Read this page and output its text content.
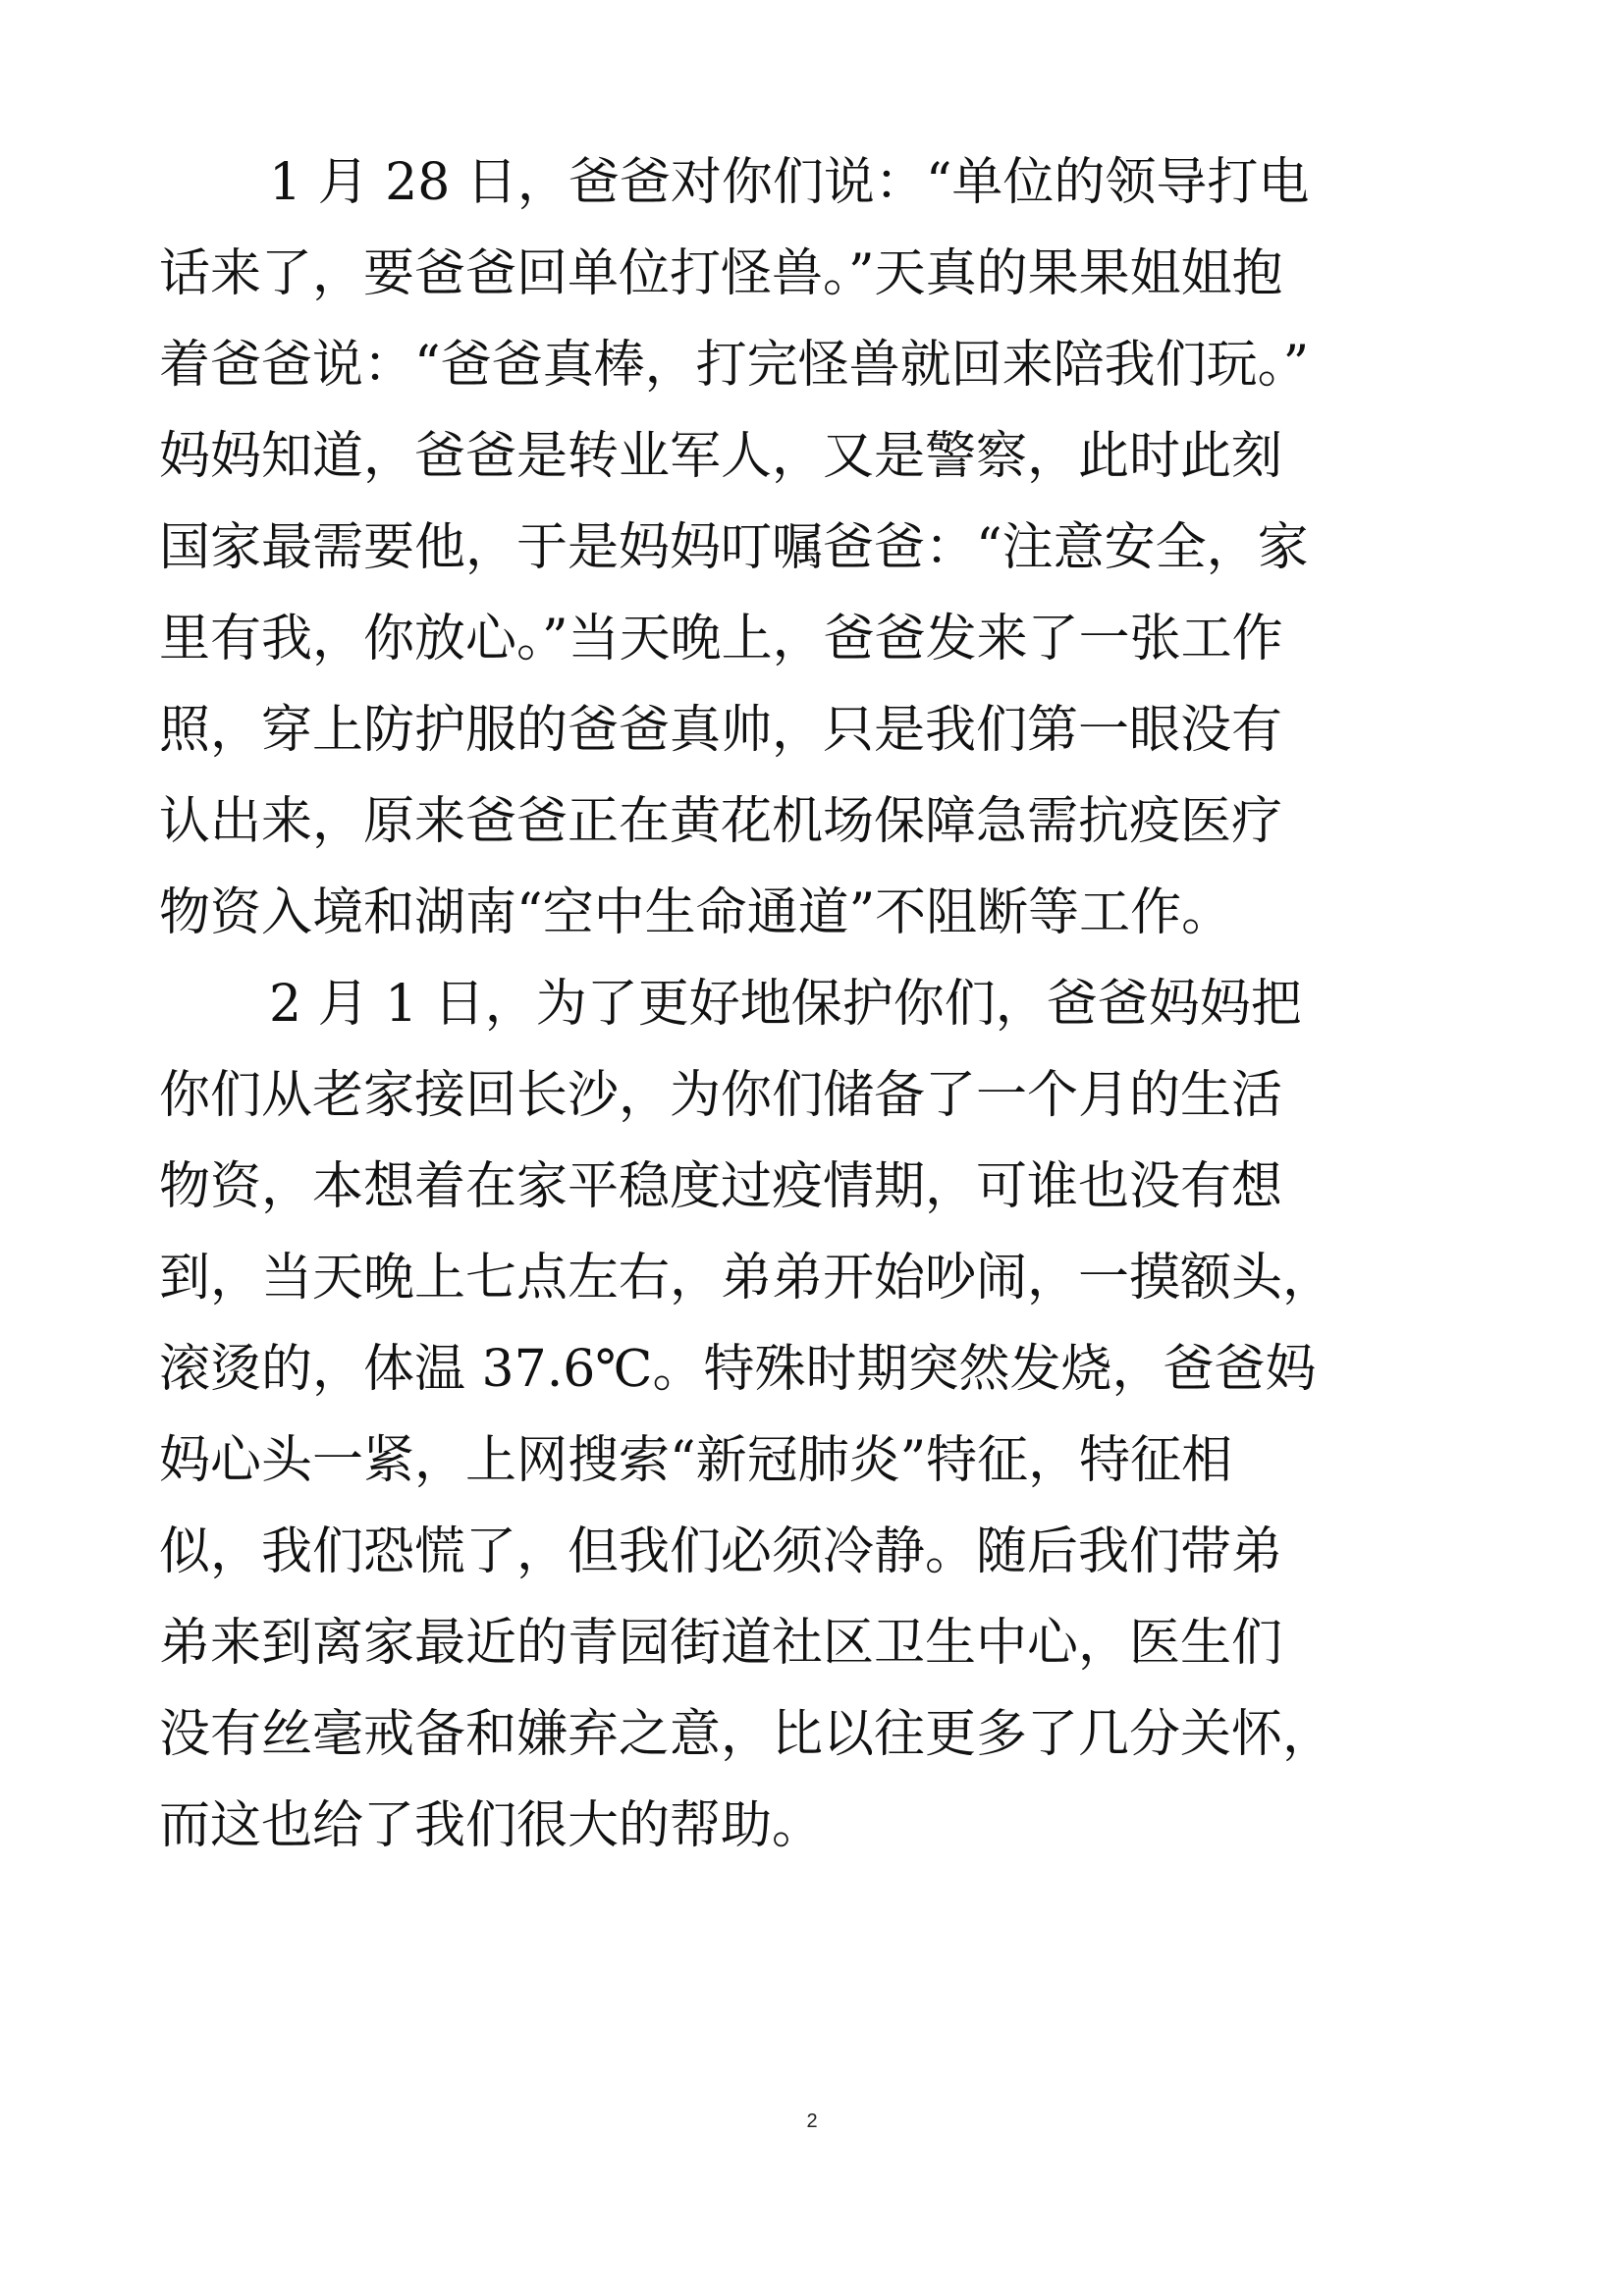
1 月 28 日，爸爸对你们说：“单位的领导打电
话来了，要爸爸回单位打怪兽。”天真的果果姐姐抱
着爸爸说：“爸爸真棒，打完怪兽就回来陪我们玩。”
妈妈知道，爸爸是转业军人，又是警察，此时此刻
国家最需要他，于是妈妈叮嘱爸爸：“注意安全，家
里有我，你放心。”当天晚上，爸爸发来了一张工作
照，穿上防护服的爸爸真帅，只是我们第一眼没有
认出来，原来爸爸正在黄花机场保障急需抗疫医疗
物资入境和湖南“空中生命通道”不阻断等工作。
2 月 1 日，为了更好地保护你们，爸爸妈妈把
你们从老家接回长沙，为你们储备了一个月的生活
物资，本想着在家平稳度过疫情期，可谁也没有想
到，当天晚上七点左右，弟弟开始吵闹，一摸额头，
滚烫的，体温 37.6℃。特殊时期突然发烧，爸爸妈
妈心头一紧，上网搜索“新冠肺炎”特征，特征相
似，我们恐慌了，但我们必须冷静。随后我们带弟
弟来到离家最近的青园街道社区卫生中心，医生们
没有丝毫戒备和嫌弃之意，比以往更多了几分关怀，
而这也给了我们很大的帮助。
2
